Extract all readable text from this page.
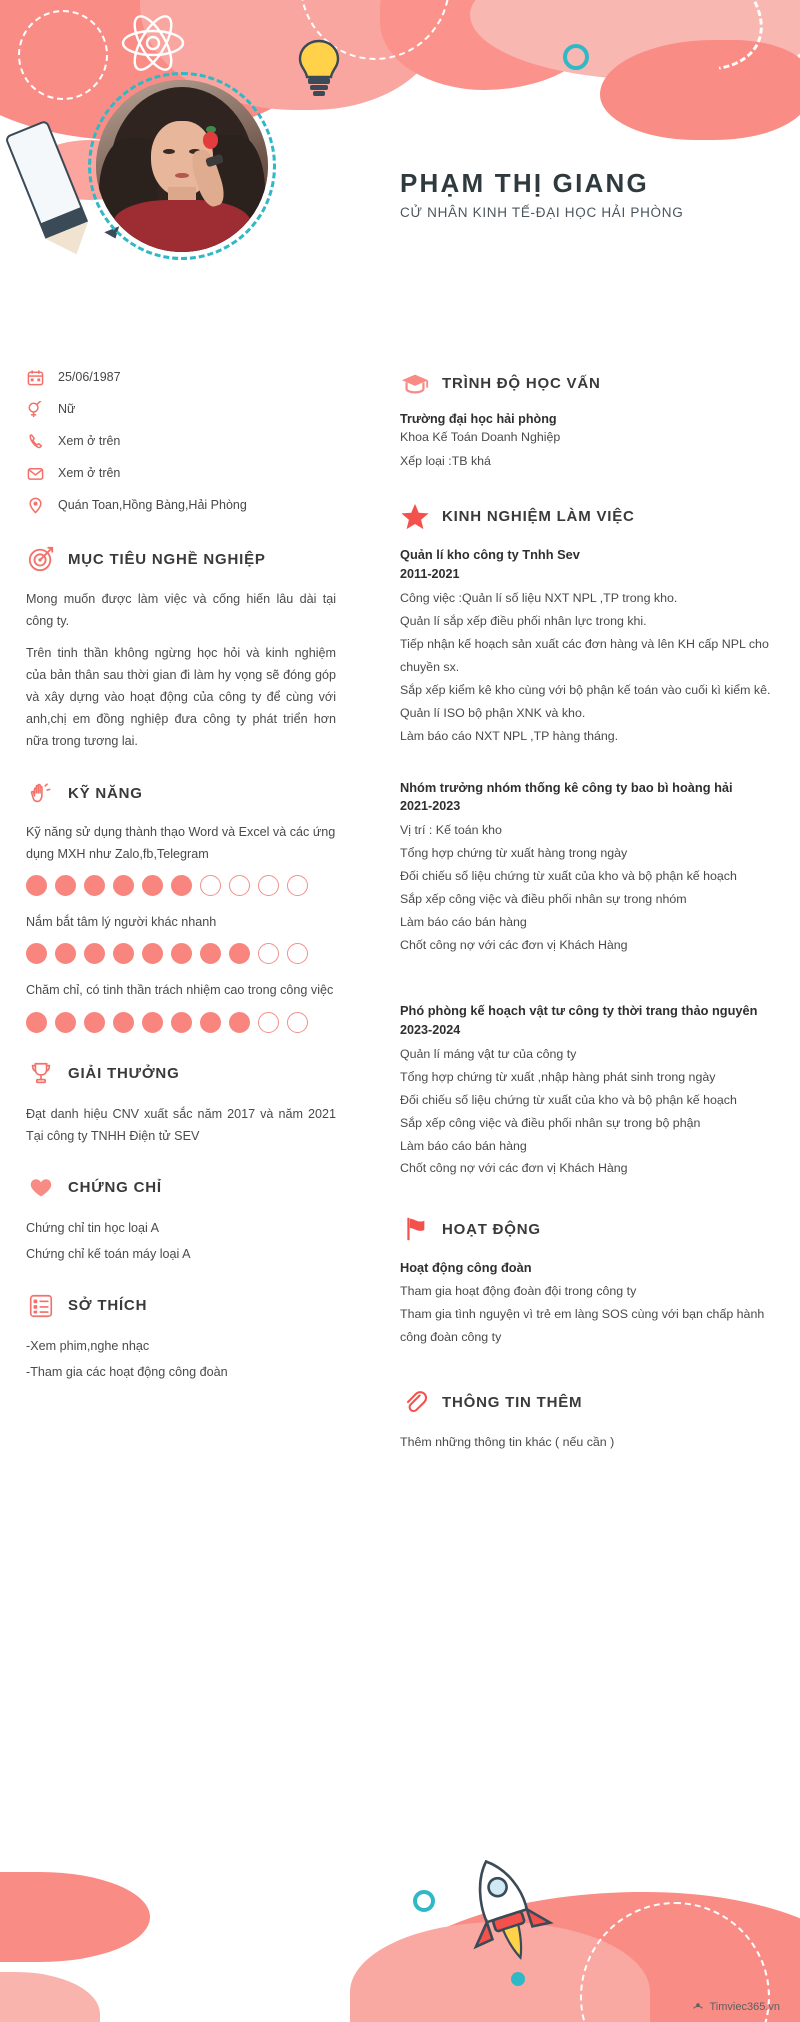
PHẠM THỊ GIANG
CỬ NHÂN KINH TẾ-ĐẠI HỌC HẢI PHÒNG
25/06/1987
Nữ
Xem ở trên
Xem ở trên
Quán Toan,Hồng Bàng,Hải Phòng
MỤC TIÊU NGHỀ NGHIỆP

Mong muốn được làm việc và cống hiến lâu dài tại công ty.

Trên tinh thần không ngừng học hỏi và kinh nghiệm của bản thân sau thời gian đi làm hy vọng sẽ đóng góp và xây dựng vào hoạt động của công ty để cùng với anh,chị em đồng nghiệp đưa công ty phát triển hơn nữa trong tương lai.

KỸ NĂNG
Kỹ năng sử dụng thành thạo Word và Excel và các ứng dụng MXH như Zalo,fb,Telegram
Nắm bắt tâm lý người khác nhanh
Chăm chỉ, có tinh thần trách nhiệm cao trong công việc
GIẢI THƯỞNG

Đạt danh hiệu CNV xuất sắc năm 2017 và năm 2021 Tại công ty TNHH Điện tử SEV

CHỨNG CHỈ

Chứng chỉ tin học loại A

Chứng chỉ kế toán máy loại A

SỞ THÍCH

-Xem phim,nghe nhạc

-Tham gia các hoạt động công đoàn

TRÌNH ĐỘ HỌC VẤN
Trường đại học hải phòng
Khoa Kế Toán Doanh Nghiệp
Xếp loại :TB khá
KINH NGHIỆM LÀM VIỆC
Quản lí kho công ty Tnhh Sev
2011-2021
Công việc :Quản lí số liệu NXT NPL ,TP trong kho.
Quản lí sắp xếp điều phối nhân lực trong khi.
Tiếp nhận kế hoạch sản xuất các đơn hàng và lên KH cấp NPL cho chuyền sx.
Sắp xếp kiểm kê kho cùng với bộ phận kế toán vào cuối kì kiểm kê.
Quản lí ISO bộ phận XNK và kho.
Làm báo cáo NXT NPL ,TP hàng tháng.
Nhóm trưởng nhóm thống kê công ty bao bì hoàng hải
2021-2023
Vị trí : Kế toán kho
Tổng hợp chứng từ xuất hàng trong ngày
Đối chiếu số liệu chứng từ xuất của kho và bộ phận kế hoạch
Sắp xếp công việc và điều phối nhân sự trong nhóm
Làm báo cáo bán hàng
Chốt công nợ với các đơn vị Khách Hàng
Phó phòng kế hoạch vật tư công ty thời trang thảo nguyên
2023-2024
Quản lí máng vật tư của công ty
Tổng hợp chứng từ xuất ,nhập hàng phát sinh trong ngày
Đối chiếu số liệu chứng từ xuất của kho và bộ phận kế hoạch
Sắp xếp công việc và điều phối nhân sự trong bộ phận
Làm báo cáo bán hàng
Chốt công nợ với các đơn vị Khách Hàng
HOẠT ĐỘNG
Hoạt động công đoàn
Tham gia hoạt động đoàn đội trong công ty
Tham gia tình nguyện vì trẻ em làng SOS cùng với bạn chấp hành công đoàn công ty
THÔNG TIN THÊM
Thêm những thông tin khác ( nếu cần )
Timviec365.vn
